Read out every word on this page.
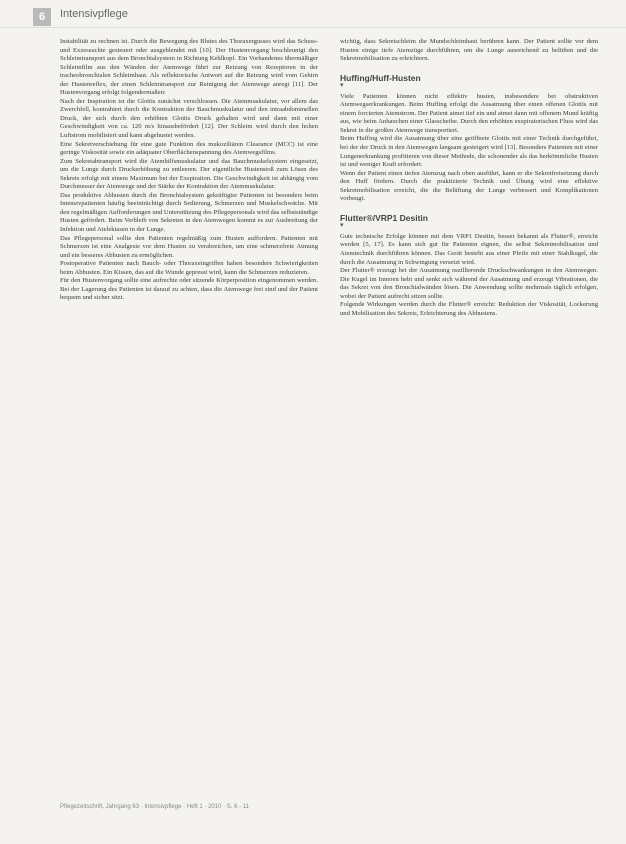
6	Intensivpflege

Instabilität zu rechnen ist. Durch die Bewegung des Blutes des Thoraxergusses wird das Schuss- und Exzessuchte gesteuert oder ausgeblendet mit [10]. Der Hustenvorgang beschleunigt den Schleimtransport aus dem Bronchialsystem in Richtung Kehlkopf. Ein Vorhandenes übermäßiger Schleimfilm aus den Wänden der Atemwege führt zur Reizung von Rezeptoren in der tracheobronchialen Schleimhaut. Als reflektorische Antwort auf die Reizung wird vom Gehirn der Hustenreflex, der einen Schleimtransport zur Reinigung der Atemwege anregt [11]. Der Hustenvorgang erfolgt folgendermaßen:

Nach der Inspiration ist die Glottis zunächst verschlossen. Die Atemmuskulatur, vor allem das Zwerchfell, kontrahiert durch die Kontraktion der Bauchmuskulatur und den intraabdominellen Druck, der sich durch den erhöhten Glottis Druck gehalten wird und dann mit einer Geschwindigkeit von ca. 120 m/s hinausbefördert [12]. Der Schleim wird durch den hohen Luftstrom mobilisiert und kann abgehustet werden.

Eine Sekretverschiebung für eine gute Funktion des mukoziliären Clearance (MCC) ist eine geringe Viskosität sowie ein adäquater Oberflächenspannung des Atemwegsfilms.

Zum Sekretabtransport wird die Atemhilfsmuskulatur und das Bauchmuskelsystem eingesetzt, um die Lunge durch Druckerhöhung zu entleeren. Der eigentliche Hustenstoß zum Lösen des Sekrets erfolgt mit einem Maximum bei der Exspiration. Die Geschwindigkeit ist abhängig vom Durchmesser der Atemwege und der Stärke der Kontraktion der Atemmuskulatur.

Das produktive Abhusten durch die Bronchialsystem gekräftigter Patienten ist besonders beim Intensivpatienten häufig beeinträchtigt durch Sedierung, Schmerzen und Muskelschwäche. Mit den regelmäßigen Aufforderungen und Unterstützung des Pflegepersonals wird das selbstständige Husten gefördert. Beim Verbleib von Sekreten in den Atemwegen kommt es zur Ausbreitung der Infektion und Atelektasen in der Lunge.

Das Pflegepersonal sollte den Patienten regelmäßig zum Husten auffordern. Patienten mit Schmerzen ist eine Analgesie vor dem Husten zu verabreichen, um eine schmerzfreie Atmung und ein besseres Abhusten zu ermöglichen.

Postoperative Patienten nach Bauch- oder Thoraxeingriffen haben besondere Schwierigkeiten beim Abhusten. Ein Kissen, das auf die Wunde gepresst wird, kann die Schmerzen reduzieren.

Für den Hustenvorgang sollte eine aufrechte oder sitzende Körperposition eingenommen werden. Bei der Lagerung des Patienten ist darauf zu achten, dass die Atemwege frei sind und der Patient bequem und sicher sitzt.

wichtig, dass Sekretschleim die Mundschleimhaut berühren kann. Der Patient sollte vor dem Husten einige tiefe Atemzüge durchführen, um die Lunge ausreichend zu belüften und die Sekretmobilisation zu erleichtern.

Huffing/Huff-Husten
▾

Viele Patienten können nicht effektiv husten, insbesondere bei obstruktiven Atemwegserkrankungen. Beim Huffing erfolgt die Ausatmung über einen offenen Glottis mit einem forcierten Atemstrom. Der Patient atmet tief ein und atmet dann mit offenem Mund kräftig aus, wie beim Anhauchen einer Glasscheibe. Durch den erhöhten exspiratorischen Fluss wird das Sekret in die großen Atemwege transportiert.

Beim Huffing wird die Ausatmung über eine geöffnete Glottis mit einer Technik durchgeführt, bei der der Druck in den Atemwegen langsam gesteigert wird [13]. Besonders Patienten mit einer Lungenerkrankung profitieren von dieser Methode, die schonender als das herkömmliche Husten ist und weniger Kraft erfordert.

Wenn der Patient einen tiefen Atemzug nach oben ausführt, kann er die Sekretfreisetzung durch den Huff fördern. Durch die praktizierte Technik und Übung wird eine effektive Sekretmobilisation erreicht, die die Belüftung der Lunge verbessert und Komplikationen vorbeugt.

Flutter®/VRP1 Desitin
▾

Gute technische Erfolge können mit dem VRP1 Desitin, besser bekannt als Flutter®, erreicht werden [5, 17]. Es kann sich gut für Patienten eignen, die selbst Sekretmobilisation und Atemtechnik durchführen können. Das Gerät besteht aus einer Pfeife mit einer Stahlkugel, die durch die Ausatmung in Schwingung versetzt wird.

Der Flutter® erzeugt bei der Ausatmung oszillierende Druckschwankungen in den Atemwegen. Die Kugel im Inneren hebt und senkt sich während der Ausatmung und erzeugt Vibrationen, die das Sekret von den Bronchialwänden lösen. Die Anwendung sollte mehrmals täglich erfolgen, wobei der Patient aufrecht sitzen sollte.

Folgende Wirkungen werden durch die Flutter® erreicht: Reduktion der Viskosität, Lockerung und Mobilisation des Sekrets, Erleichterung des Abhustens.

Pflegezeitschrift, Jahrgang 63 · Intensivpflege · Heft 1 · 2010 · S. 6 - 11
